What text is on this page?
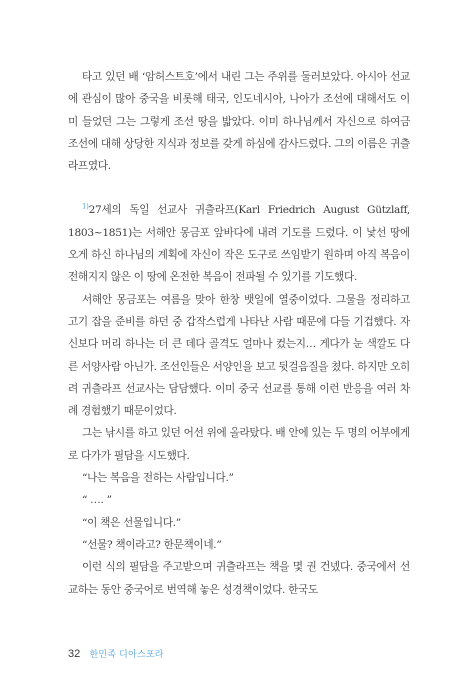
타고 있던 배 ‘암허스트호’에서 내린 그는 주위를 둘러보았다. 아시아 선교에 관심이 많아 중국을 비롯해 태국, 인도네시아, 나아가 조선에 대해서도 이미 들었던 그는 그렇게 조선 땅을 밟았다. 이미 하나님께서 자신으로 하여금 조선에 대해 상당한 지식과 정보를 갖게 하심에 감사드렸다. 그의 이름은 귀츨라프였다.

$^{1)}$27세의 독일 선교사 귀츨라프(Karl Friedrich August Gützlaff, 1803~1851)는 서해안 몽금포 앞바다에 내려 기도를 드렸다. 이 낯선 땅에 오게 하신 하나님의 계획에 자신이 작은 도구로 쓰임받기 원하며 아직 복음이 전해지지 않은 이 땅에 온전한 복음이 전파될 수 있기를 기도했다.

서해안 몽금포는 여름을 맞아 한창 뱃일에 열중이었다. 그물을 정리하고 고기 잡을 준비를 하던 중 갑작스럽게 나타난 사람 때문에 다들 기겁했다. 자신보다 머리 하나는 더 큰 데다 골격도 얼마나 컸는지… 게다가 눈 색깔도 다른 서양사람 아닌가. 조선인들은 서양인을 보고 뒷걸음질을 쳤다. 하지만 오히려 귀츨라프 선교사는 담담했다. 이미 중국 선교를 통해 이런 반응을 여러 차례 경험했기 때문이었다.

그는 낚시를 하고 있던 어선 위에 올라탔다. 배 안에 있는 두 명의 어부에게로 다가가 필담을 시도했다.

“나는 복음을 전하는 사람입니다.”

“ …. ”

“이 책은 선물입니다.”

“선물? 책이라고? 한문책이네.”

이런 식의 필담을 주고받으며 귀츨라프는 책을 몇 권 건넸다. 중국에서 선교하는 동안 중국어로 번역해 놓은 성경책이었다. 한국도

32 한민족 디아스포라
